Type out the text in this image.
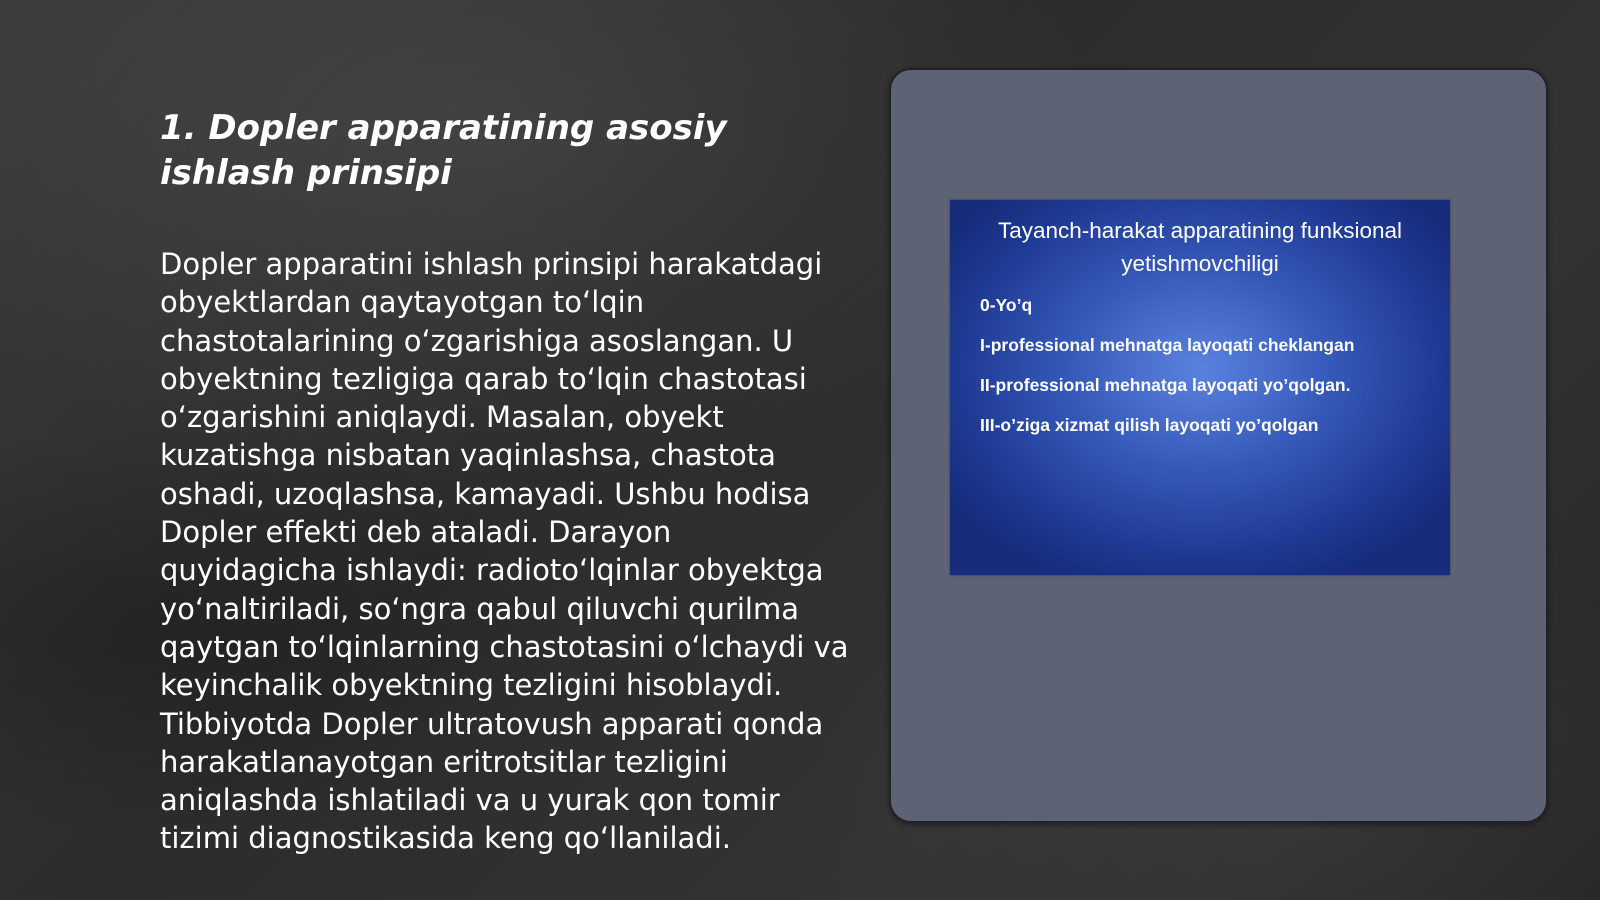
1. Dopler apparatining asosiy ishlash prinsipi

Dopler apparatini ishlash prinsipi harakatdagi obyektlardan qaytayotgan to‘lqin chastotalarining o‘zgarishiga asoslangan. U obyektning tezligiga qarab to‘lqin chastotasi o‘zgarishini aniqlaydi. Masalan, obyekt kuzatishga nisbatan yaqinlashsa, chastota oshadi, uzoqlashsa, kamayadi. Ushbu hodisa Dopler effekti deb ataladi. Darayon quyidagicha ishlaydi: radioto‘lqinlar obyektga yo‘naltiriladi, so‘ngra qabul qiluvchi qurilma qaytgan to‘lqinlarning chastotasini o‘lchaydi va keyinchalik obyektning tezligini hisoblaydi. Tibbiyotda Dopler ultratovush apparati qonda harakatlanayotgan eritrotsitlar tezligini aniqlashda ishlatiladi va u yurak qon tomir tizimi diagnostikasida keng qo‘llaniladi.

Tayanch-harakat apparatining funksional yetishmovchiligi
0-Yo’q
I-professional mehnatga layoqati cheklangan
II-professional mehnatga layoqati yo’qolgan.
III-o’ziga xizmat qilish layoqati yo’qolgan
